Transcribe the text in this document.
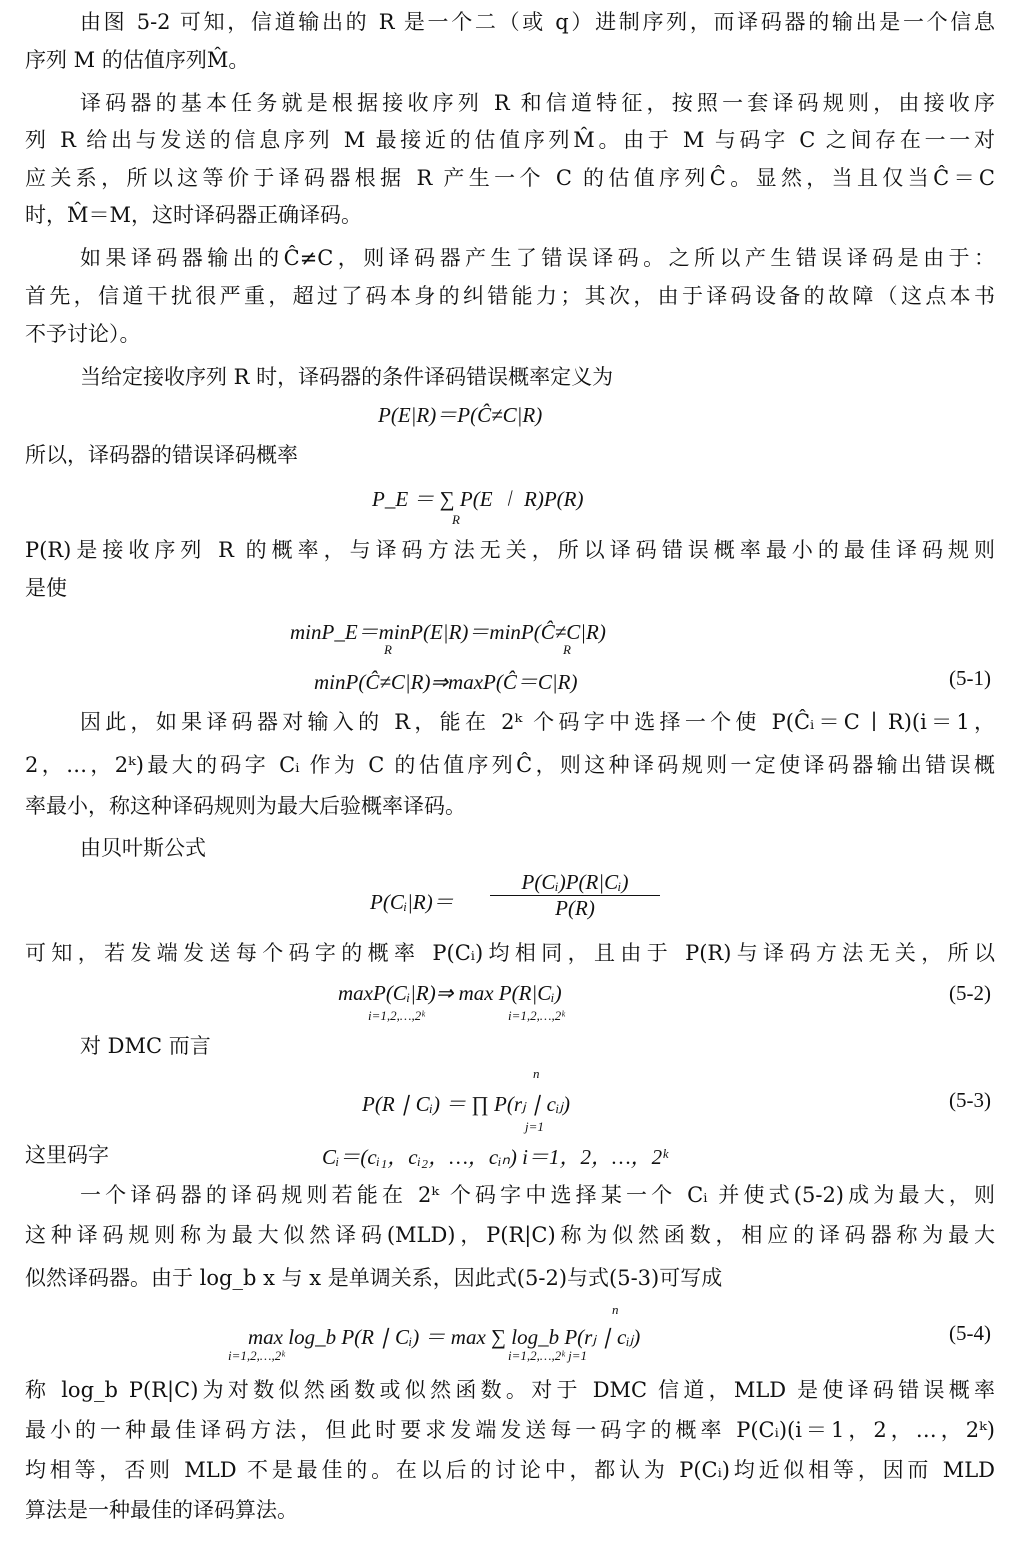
由图 5-2 可知，信道输出的 R 是一个二（或 q）进制序列，而译码器的输出是一个信息
序列 M 的估值序列M̂。
译码器的基本任务就是根据接收序列 R 和信道特征，按照一套译码规则，由接收序
列 R 给出与发送的信息序列 M 最接近的估值序列M̂。由于 M 与码字 C 之间存在一一对
应关系，所以这等价于译码器根据 R 产生一个 C 的估值序列Ĉ。显然，当且仅当Ĉ＝C
时，M̂＝M，这时译码器正确译码。
如果译码器输出的Ĉ≠C，则译码器产生了错误译码。之所以产生错误译码是由于：
首先，信道干扰很严重，超过了码本身的纠错能力；其次，由于译码设备的故障（这点本书
不予讨论）。
当给定接收序列 R 时，译码器的条件译码错误概率定义为
P(E|R)＝P(Ĉ≠C|R)
所以，译码器的错误译码概率
P_E ＝ ∑ P(E ∣ R)P(R)
R
P(R)是接收序列 R 的概率，与译码方法无关，所以译码错误概率最小的最佳译码规则
是使
minP_E＝minP(E|R)＝minP(Ĉ≠C|R)
R	R
minP(Ĉ≠C|R)⇒maxP(Ĉ＝C|R)	(5-1)
因此，如果译码器对输入的 R，能在 2ᵏ 个码字中选择一个使 P(Ĉᵢ＝C ∣ R)(i＝1，
2，…，2ᵏ)最大的码字 Cᵢ 作为 C 的估值序列Ĉ，则这种译码规则一定使译码器输出错误概
率最小，称这种译码规则为最大后验概率译码。
由贝叶斯公式
P(Cᵢ|R)＝ $\frac{\text{P(Cᵢ)P(R|Cᵢ)}}{P(R)}$
可知，若发端发送每个码字的概率 P(Cᵢ)均相同，且由于 P(R)与译码方法无关，所以
maxP(Cᵢ|R)⇒ max P(R|Cᵢ)
i=1,2,…,2ᵏ	i=1,2,…,2ᵏ
(5-2)
对 DMC 而言
n
P(R ∣ Cᵢ) ＝ ∏ P(rⱼ ∣ cᵢⱼ)
j=1
(5-3)
这里码字	Cᵢ＝(cᵢ₁，cᵢ₂，…，cᵢₙ) i＝1，2，…，2ᵏ
一个译码器的译码规则若能在 2ᵏ 个码字中选择某一个 Cᵢ 并使式(5-2)成为最大，则
这种译码规则称为最大似然译码(MLD)，P(R|C)称为似然函数，相应的译码器称为最大
似然译码器。由于 log_b x 与 x 是单调关系，因此式(5-2)与式(5-3)可写成
n
max log_b P(R ∣ Cᵢ) ＝ max ∑ log_b P(rⱼ ∣ cᵢⱼ)
i=1,2,…,2ᵏ	i=1,2,…,2ᵏ j=1
(5-4)
称 log_b P(R|C)为对数似然函数或似然函数。对于 DMC 信道，MLD 是使译码错误概率
最小的一种最佳译码方法，但此时要求发端发送每一码字的概率 P(Cᵢ)(i＝1，2，…，2ᵏ)
均相等，否则 MLD 不是最佳的。在以后的讨论中，都认为 P(Cᵢ)均近似相等，因而 MLD
算法是一种最佳的译码算法。
